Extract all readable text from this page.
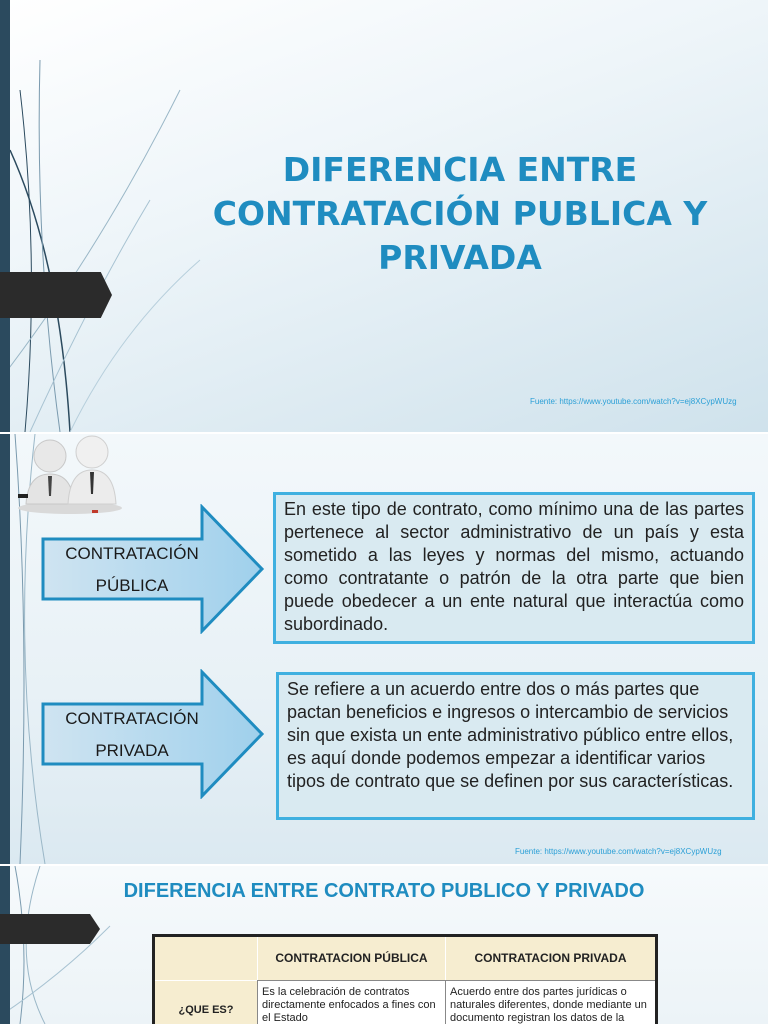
DIFERENCIA ENTRE
CONTRATACIÓN PUBLICA Y
PRIVADA
Fuente: https://www.youtube.com/watch?v=ej8XCypWUzg
CONTRATACIÓN
PÚBLICA
CONTRATACIÓN
PRIVADA
En este tipo de contrato, como mínimo una de las partes pertenece al sector administrativo de un país y esta sometido a las leyes y normas del mismo, actuando como contratante o patrón de la otra parte que bien puede obedecer a un ente natural que interactúa como subordinado.
Se refiere a un acuerdo entre dos o más partes que pactan beneficios e ingresos o intercambio de servicios sin que exista un ente administrativo público entre ellos, es aquí donde podemos empezar a identificar varios tipos de contrato que se definen por sus características.
Fuente: https://www.youtube.com/watch?v=ej8XCypWUzg
DIFERENCIA ENTRE CONTRATO PUBLICO Y PRIVADO
CONTRATACION PÚBLICA	CONTRATACION PRIVADA
¿QUE ES?
Es la celebración de contratos directamente enfocados a fines con el Estado
Acuerdo entre dos partes jurídicas o naturales diferentes, donde mediante un documento registran los datos de la
